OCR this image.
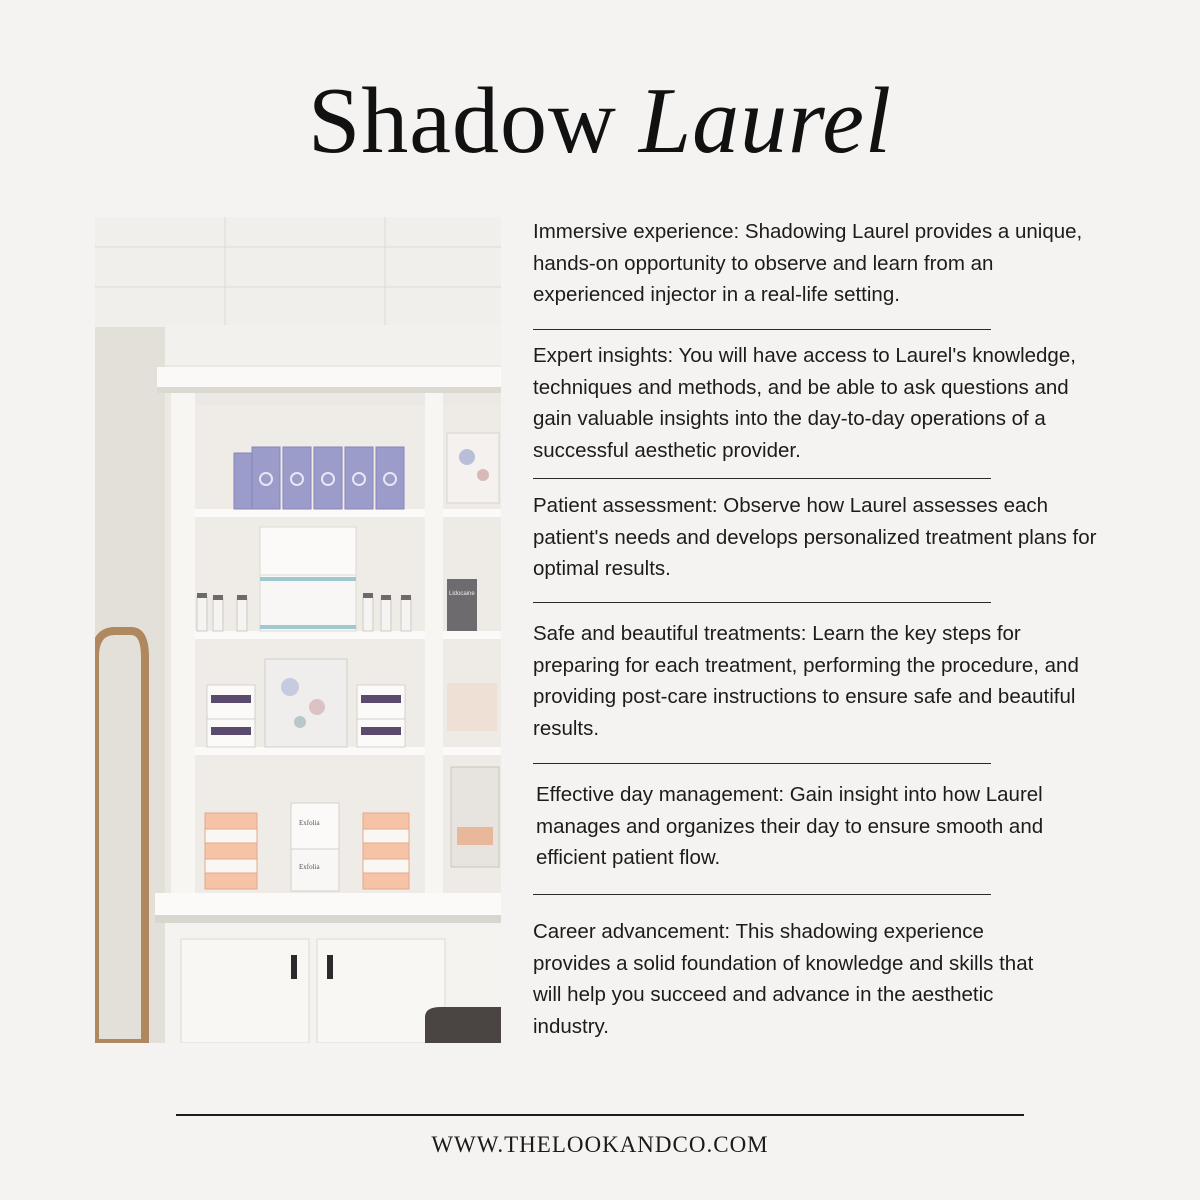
Shadow Laurel
Lidocaine
Exfolia
Exfolia
Immersive experience: Shadowing Laurel provides a unique, hands-on opportunity to observe and learn from an experienced injector in a real-life setting.
Expert insights: You will have access to Laurel's knowledge, techniques and methods, and be able to ask questions and gain valuable insights into the day-to-day operations of a successful aesthetic provider.
Patient assessment: Observe how Laurel assesses each patient's needs and develops personalized treatment plans for optimal results.
Safe and beautiful treatments: Learn the key steps for preparing for each treatment, performing the procedure, and providing post-care instructions to ensure safe and beautiful results.
Effective day management: Gain insight into how Laurel manages and organizes their day to ensure smooth and efficient patient flow.
Career advancement: This shadowing experience provides a solid foundation of knowledge and skills that will help you succeed and advance in the aesthetic industry.
WWW.THELOOKANDCO.COM
